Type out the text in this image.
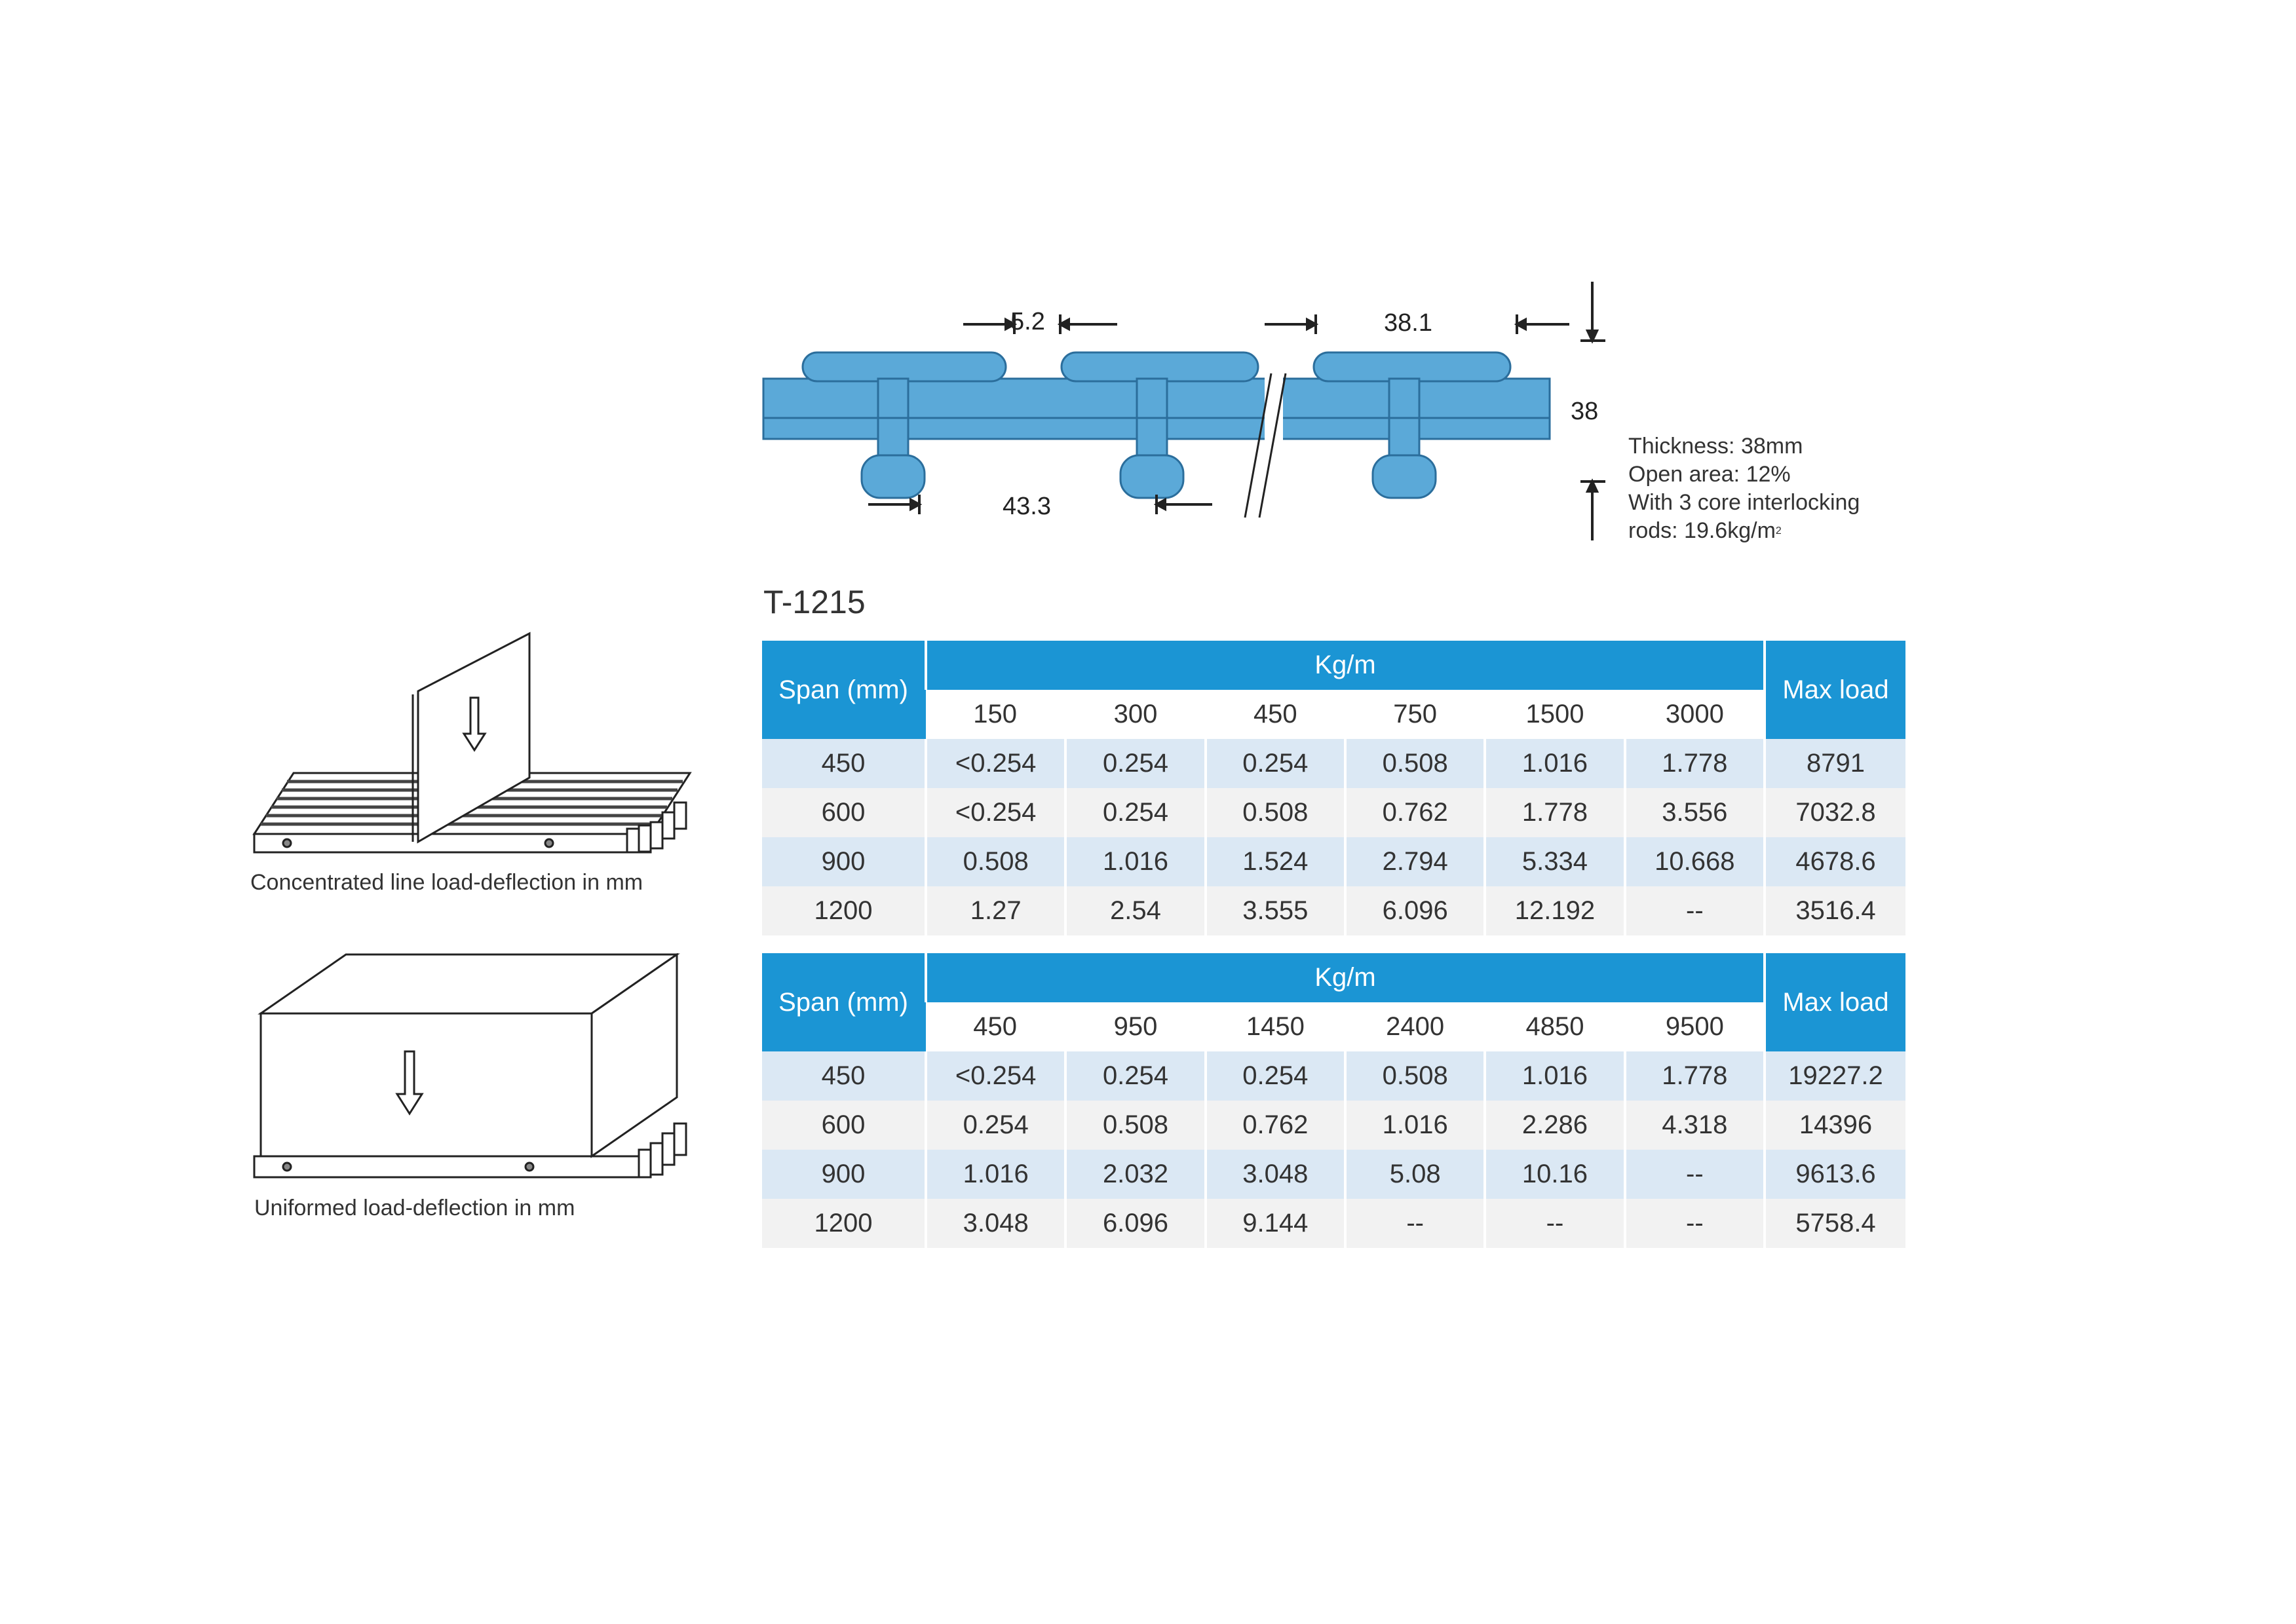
5.2	38.1
38
43.3
Thickness: 38mm
Open area: 12%
With 3 core interlocking
rods: $19.6kg/m^2$
T-1215
Concentrated line load-deflection in mm
Uniformed load-deflection in mm
Span (mm)	Kg/m						Max load
	150	300	450	750	1500	3000	
450	<0.254	0.254	0.254	0.508	1.016	1.778	8791
600	<0.254	0.254	0.508	0.762	1.778	3.556	7032.8
900	0.508	1.016	1.524	2.794	5.334	10.668	4678.6
1200	1.27	2.54	3.555	6.096	12.192	--	3516.4
Span (mm)	Kg/m						Max load
	450	950	1450	2400	4850	9500	
450	<0.254	0.254	0.254	0.508	1.016	1.778	19227.2
600	0.254	0.508	0.762	1.016	2.286	4.318	14396
900	1.016	2.032	3.048	5.08	10.16	--	9613.6
1200	3.048	6.096	9.144	--	--	--	5758.4
